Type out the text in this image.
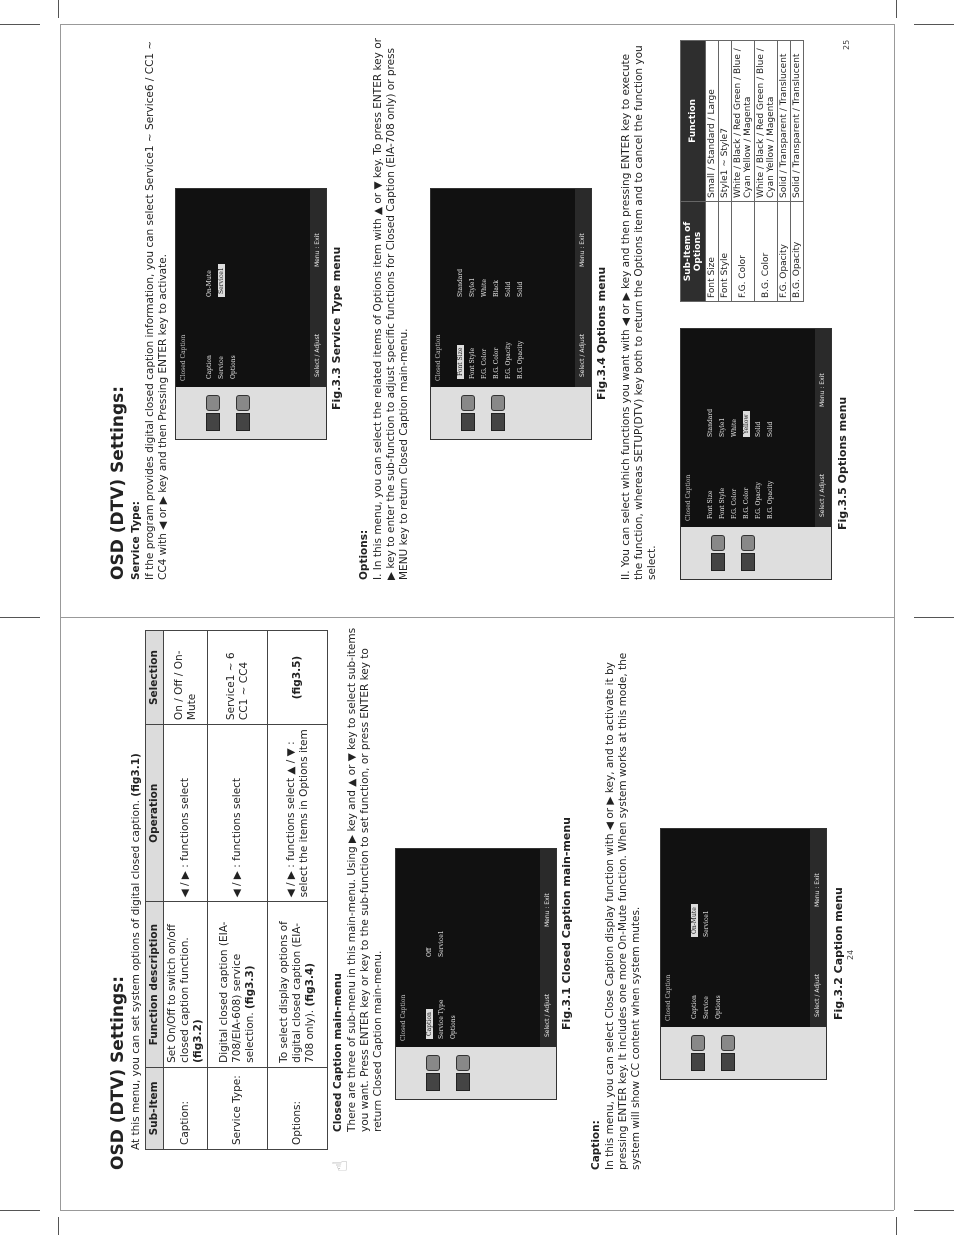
OSD (DTV) Settings: At this menu, you can set system options of digital closed caption. (fig3.1)
Sub-Item	Function description	Operation	Selection
Caption:	Set On/Off to switch on/off closed caption function. (fig3.2)	◀ / ▶ : functions select	On / Off / On-Mute
Service Type:	Digital closed caption (EIA-708/EIA-608) service selection. (fig3.3)	◀ / ▶ : functions select	Service1 ~ 6 CC1 ~ CC4
Options:	To select display options of digital closed caption (EIA-708 only). (fig3.4)	◀ / ▶ : functions select ▲ / ▼ : select the items in Options item	(fig3.5)
☝
Closed Caption main-menu There are three of sub-menu in this main-menu. Using ▶ key and ▲ or ▼ key to select sub-items you want. Press ENTER key or key to the sub-function to set function, or press ENTER key to return Closed Caption main-menu.	Closed Caption	Caption Service Type Options
Off Service1
Select / Adjust
Menu : Exit Fig.3.1 Closed Caption main-menu
Caption: In this menu, you can select Close Caption display function with ◀ or ▶ key, and to activate it by pressing ENTER key. It includes one more On-Mute function. When system works at this mode, the system will show CC content when system mutes.	Closed Caption	Caption Service Options
On-Mute Service1
Select / Adjust
Menu : Exit Fig.3.2 Caption menu 24
OSD (DTV) Settings: Service Type: If the program provides digital closed caption information, you can select Service1 ~ Service6 / CC1 ~ CC4 with ◀ or ▶ key and then Pressing ENTER key to activate. Closed Caption	Caption Service Options
On-Mute Service1
Select / Adjust
Menu : Exit Fig.3.3 Service Type menu
Options: I. In this menu, you can select the related items of Options item with ▲ or ▼ key. To press ENTER key or ▶ key to enter the sub-function to adjust specific functions for Closed Caption (EIA-708 only) or press MENU key to return Closed Caption main-menu.	Closed Caption	Font Size Font Style F.G. Color B.G. Color F.G. Opacity B.G. Opacity
Standard Style1 White Black Solid Solid
Select / Adjust
Menu : Exit
Fig.3.4 Options menu II. You can select which functions you want with ◀ or ▶ key and then pressing ENTER key to execute the function, whereas SETUP(DTV) key both to return the Options item and to cancel the function you select.
Closed Caption	Font Size Font Style F.G. Color B.G. Color F.G. Opacity B.G. Opacity
Standard Style1 White Yellow Solid Solid
Select / Adjust
Menu : Exit
Fig.3.5 Options menu
Sub-Item of Options	Function
Font Size	Small / Standard / Large
Font Style	Style1 ~ Style7
F.G. Color	White / Black / Red Green / Blue / Cyan Yellow / Magenta
B.G. Color	White / Black / Red Green / Blue / Cyan Yellow / Magenta
F.G. Opacity	Solid / Transparent / Translucent
B.G. Opacity	Solid / Transparent / Translucent
25
